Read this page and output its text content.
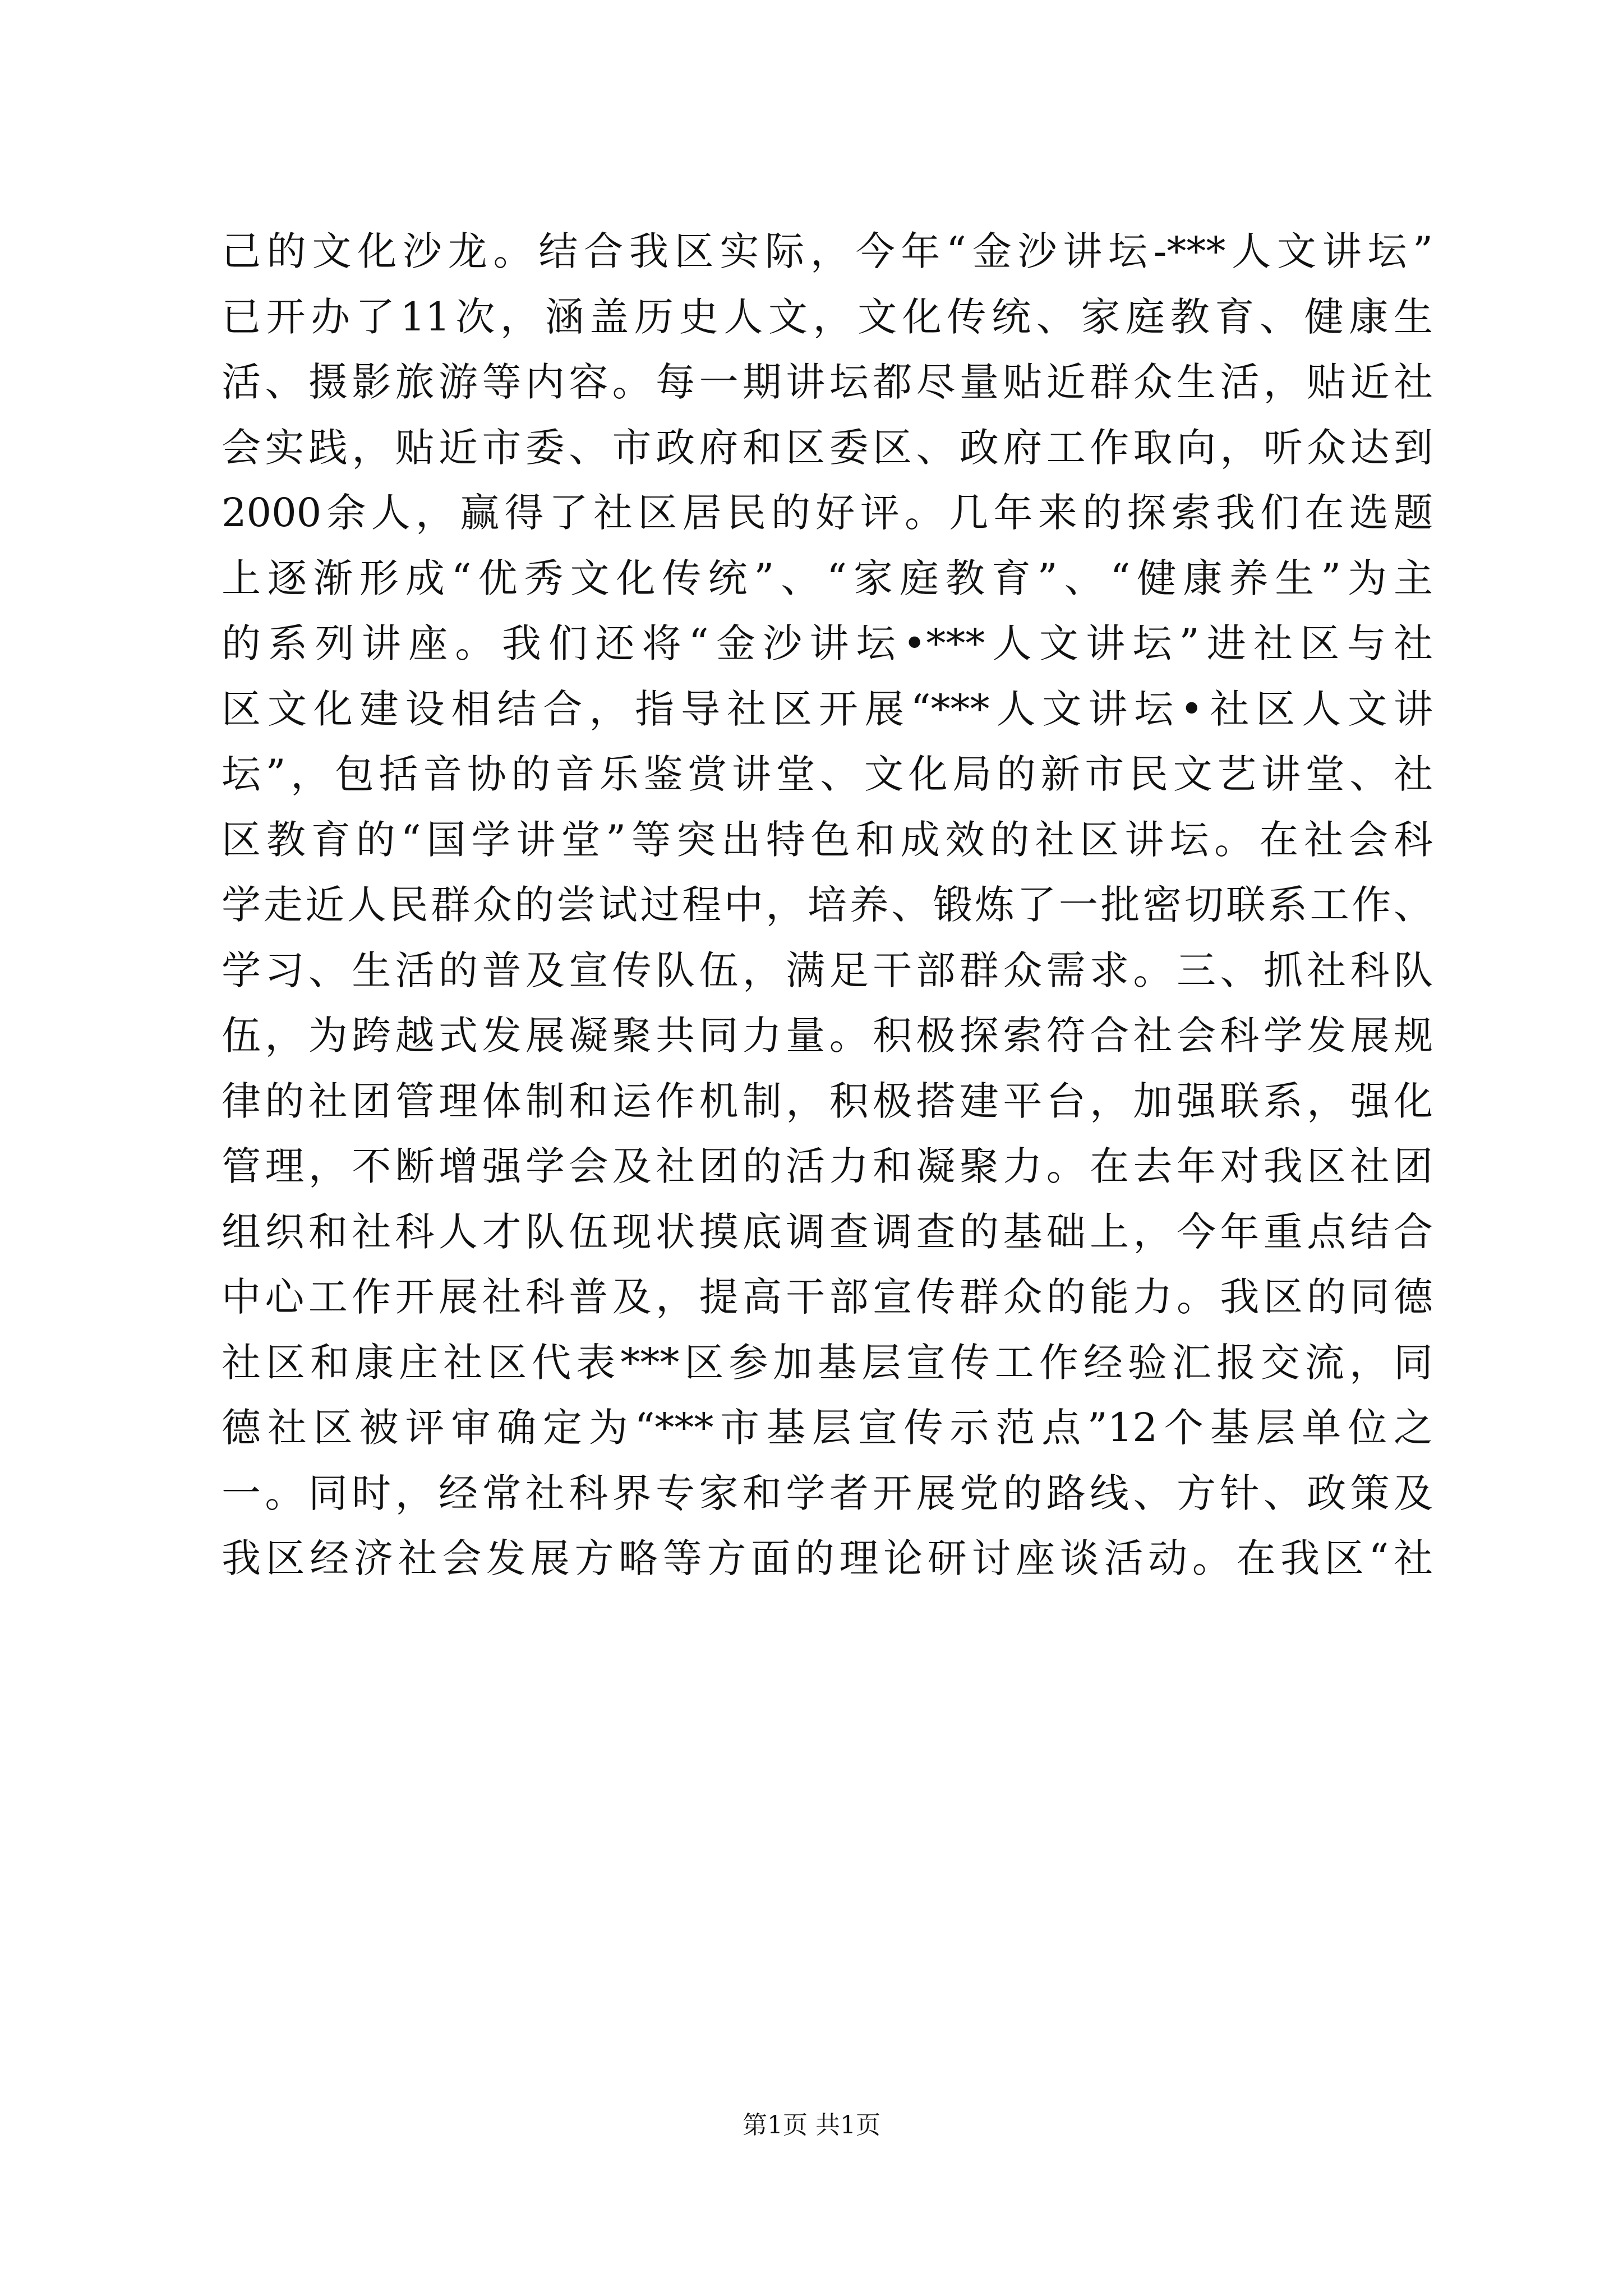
己的文化沙龙。结合我区实际，今年“金沙讲坛-***人文讲坛”
已开办了11次，涵盖历史人文，文化传统、家庭教育、健康生
活、摄影旅游等内容。每一期讲坛都尽量贴近群众生活，贴近社
会实践，贴近市委、市政府和区委区、政府工作取向，听众达到
2000余人，赢得了社区居民的好评。几年来的探索我们在选题
上逐渐形成“优秀文化传统”、“家庭教育”、“健康养生”为主
的系列讲座。我们还将“金沙讲坛•***人文讲坛”进社区与社
区文化建设相结合，指导社区开展“***人文讲坛•社区人文讲
坛”，包括音协的音乐鉴赏讲堂、文化局的新市民文艺讲堂、社
区教育的“国学讲堂”等突出特色和成效的社区讲坛。在社会科
学走近人民群众的尝试过程中，培养、锻炼了一批密切联系工作、
学习、生活的普及宣传队伍，满足干部群众需求。三、抓社科队
伍，为跨越式发展凝聚共同力量。积极探索符合社会科学发展规
律的社团管理体制和运作机制，积极搭建平台，加强联系，强化
管理，不断增强学会及社团的活力和凝聚力。在去年对我区社团
组织和社科人才队伍现状摸底调查调查的基础上，今年重点结合
中心工作开展社科普及，提高干部宣传群众的能力。我区的同德
社区和康庄社区代表***区参加基层宣传工作经验汇报交流，同
德社区被评审确定为“***市基层宣传示范点”12个基层单位之
一。同时，经常社科界专家和学者开展党的路线、方针、政策及
我区经济社会发展方略等方面的理论研讨座谈活动。在我区“社
第1页 共1页
